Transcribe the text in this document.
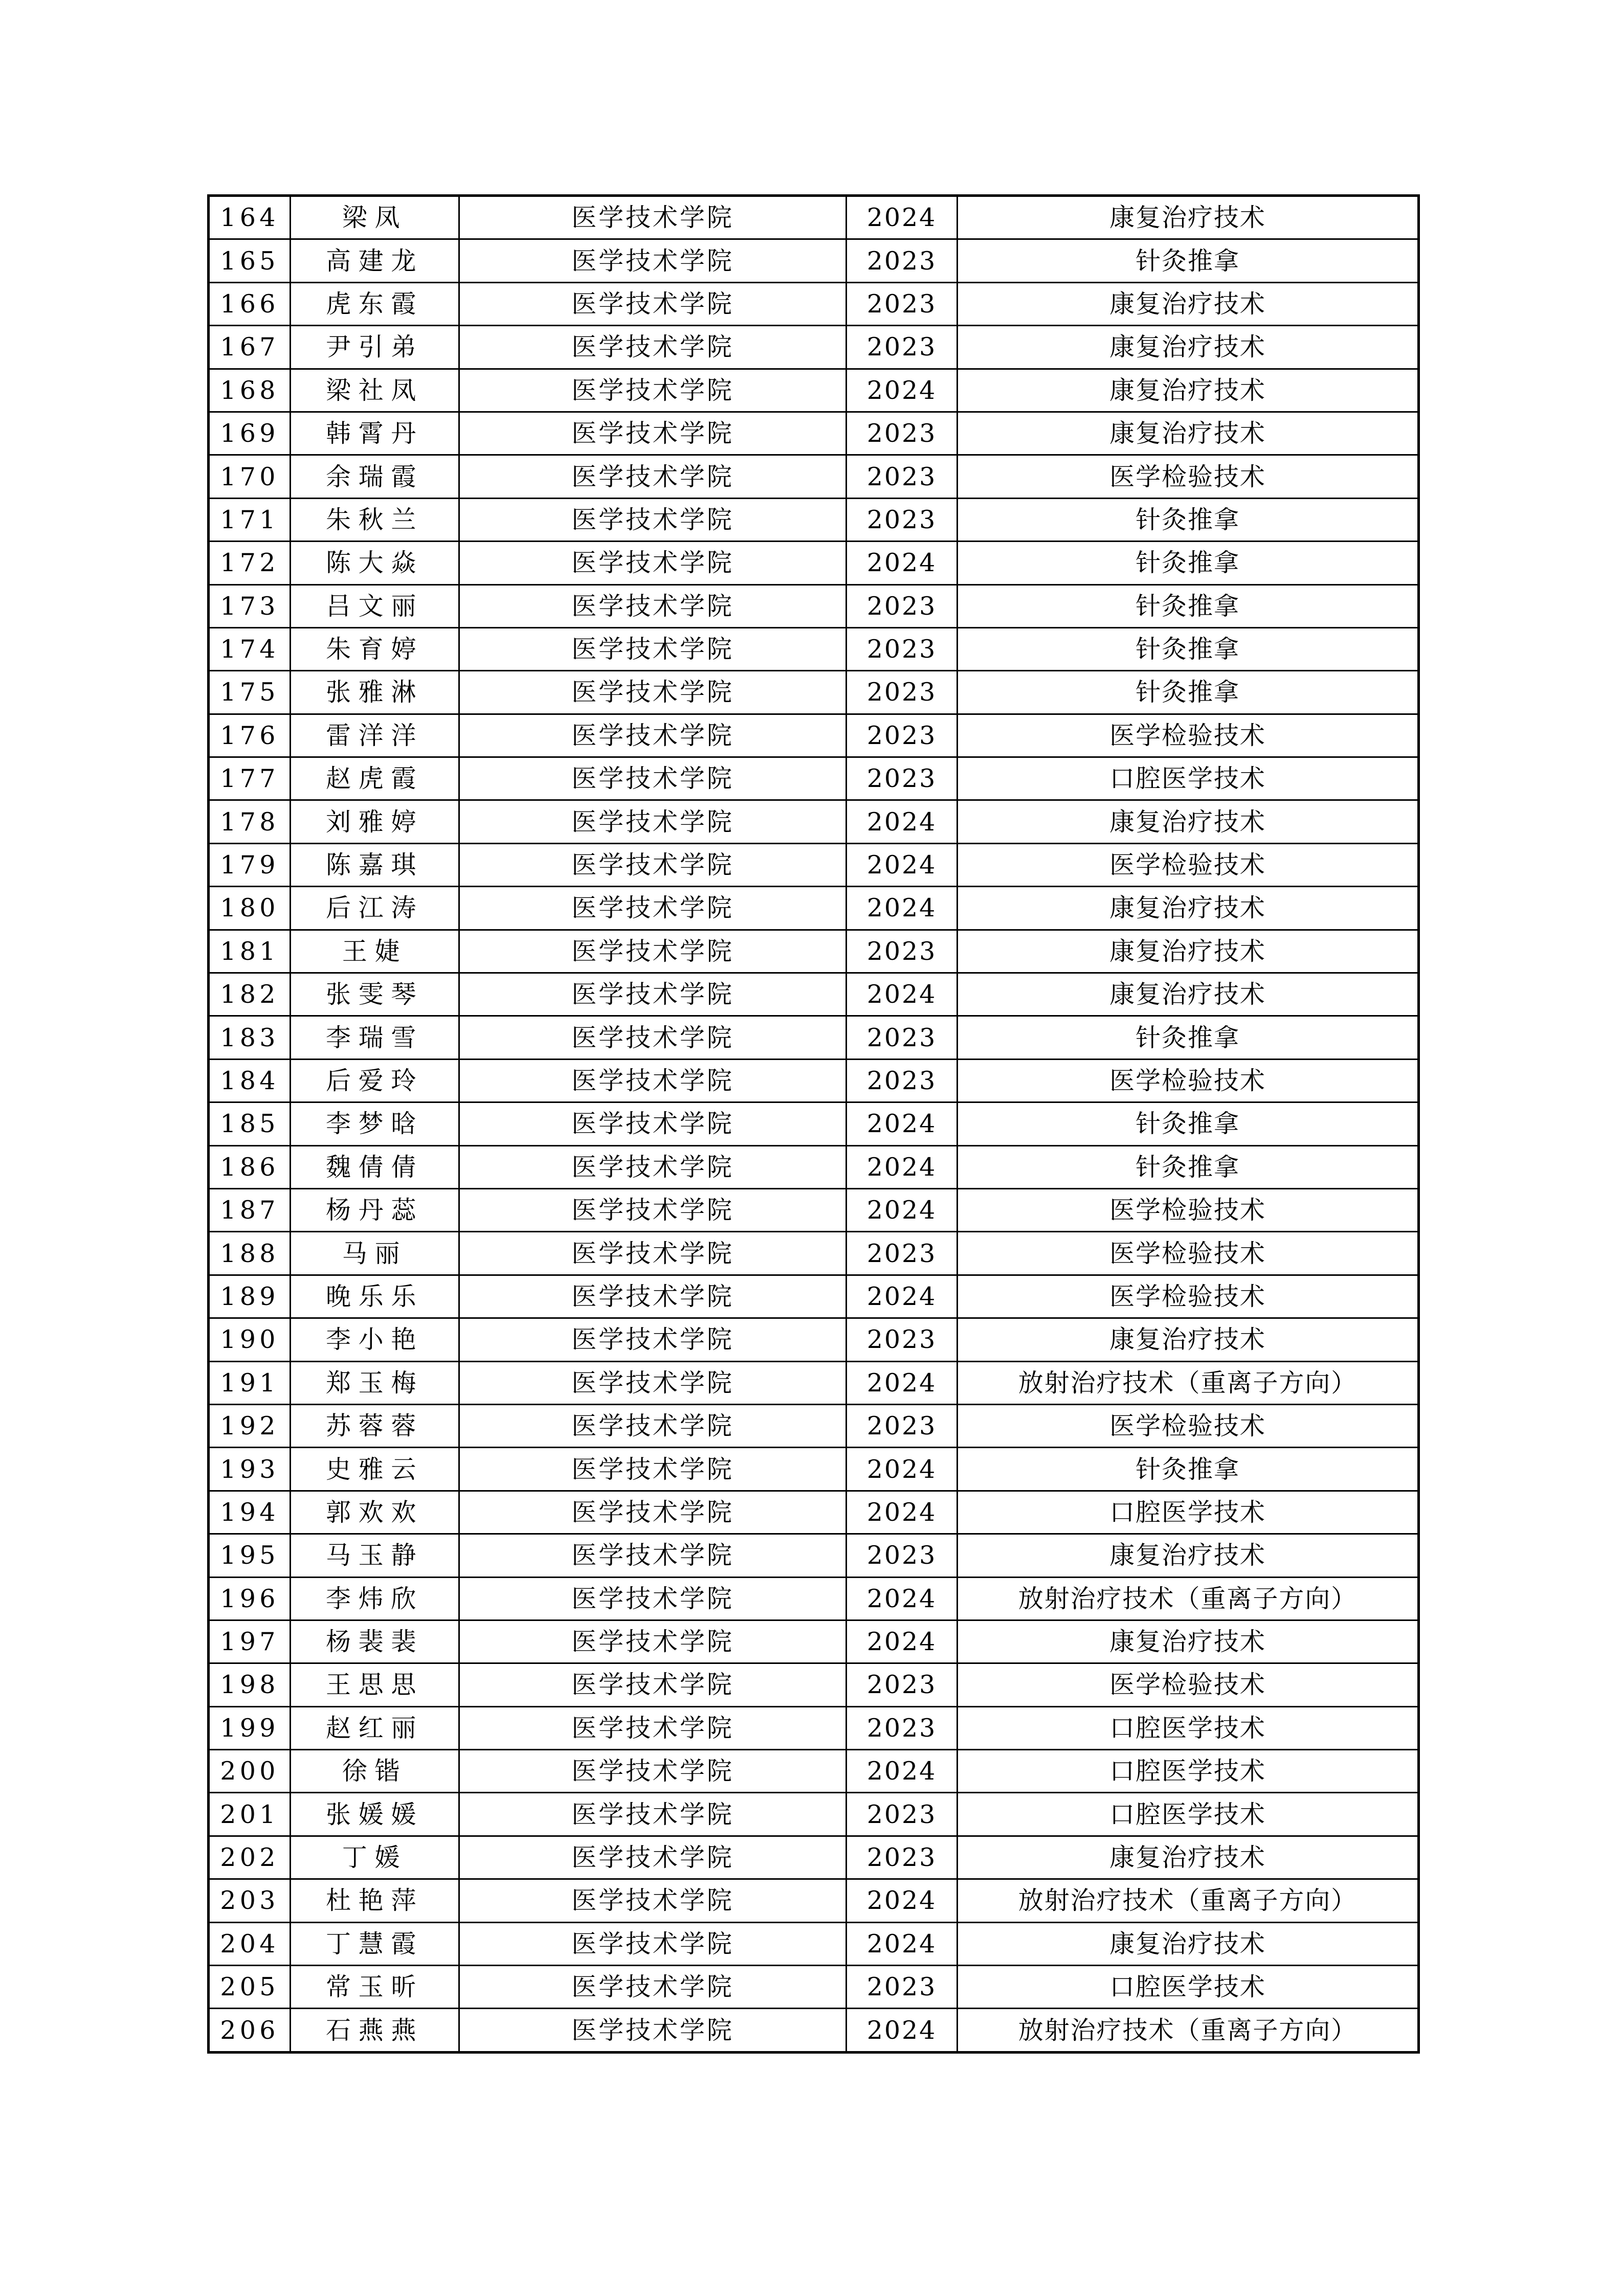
164	梁凤	医学技术学院	2024	康复治疗技术
165	高建龙	医学技术学院	2023	针灸推拿
166	虎东霞	医学技术学院	2023	康复治疗技术
167	尹引弟	医学技术学院	2023	康复治疗技术
168	梁社凤	医学技术学院	2024	康复治疗技术
169	韩霄丹	医学技术学院	2023	康复治疗技术
170	余瑞霞	医学技术学院	2023	医学检验技术
171	朱秋兰	医学技术学院	2023	针灸推拿
172	陈大焱	医学技术学院	2024	针灸推拿
173	吕文丽	医学技术学院	2023	针灸推拿
174	朱育婷	医学技术学院	2023	针灸推拿
175	张雅淋	医学技术学院	2023	针灸推拿
176	雷洋洋	医学技术学院	2023	医学检验技术
177	赵虎霞	医学技术学院	2023	口腔医学技术
178	刘雅婷	医学技术学院	2024	康复治疗技术
179	陈嘉琪	医学技术学院	2024	医学检验技术
180	后江涛	医学技术学院	2024	康复治疗技术
181	王婕	医学技术学院	2023	康复治疗技术
182	张雯琴	医学技术学院	2024	康复治疗技术
183	李瑞雪	医学技术学院	2023	针灸推拿
184	后爱玲	医学技术学院	2023	医学检验技术
185	李梦晗	医学技术学院	2024	针灸推拿
186	魏倩倩	医学技术学院	2024	针灸推拿
187	杨丹蕊	医学技术学院	2024	医学检验技术
188	马丽	医学技术学院	2023	医学检验技术
189	晚乐乐	医学技术学院	2024	医学检验技术
190	李小艳	医学技术学院	2023	康复治疗技术
191	郑玉梅	医学技术学院	2024	放射治疗技术（重离子方向）
192	苏蓉蓉	医学技术学院	2023	医学检验技术
193	史雅云	医学技术学院	2024	针灸推拿
194	郭欢欢	医学技术学院	2024	口腔医学技术
195	马玉静	医学技术学院	2023	康复治疗技术
196	李炜欣	医学技术学院	2024	放射治疗技术（重离子方向）
197	杨裴裴	医学技术学院	2024	康复治疗技术
198	王思思	医学技术学院	2023	医学检验技术
199	赵红丽	医学技术学院	2023	口腔医学技术
200	徐锴	医学技术学院	2024	口腔医学技术
201	张媛媛	医学技术学院	2023	口腔医学技术
202	丁媛	医学技术学院	2023	康复治疗技术
203	杜艳萍	医学技术学院	2024	放射治疗技术（重离子方向）
204	丁慧霞	医学技术学院	2024	康复治疗技术
205	常玉昕	医学技术学院	2023	口腔医学技术
206	石燕燕	医学技术学院	2024	放射治疗技术（重离子方向）
